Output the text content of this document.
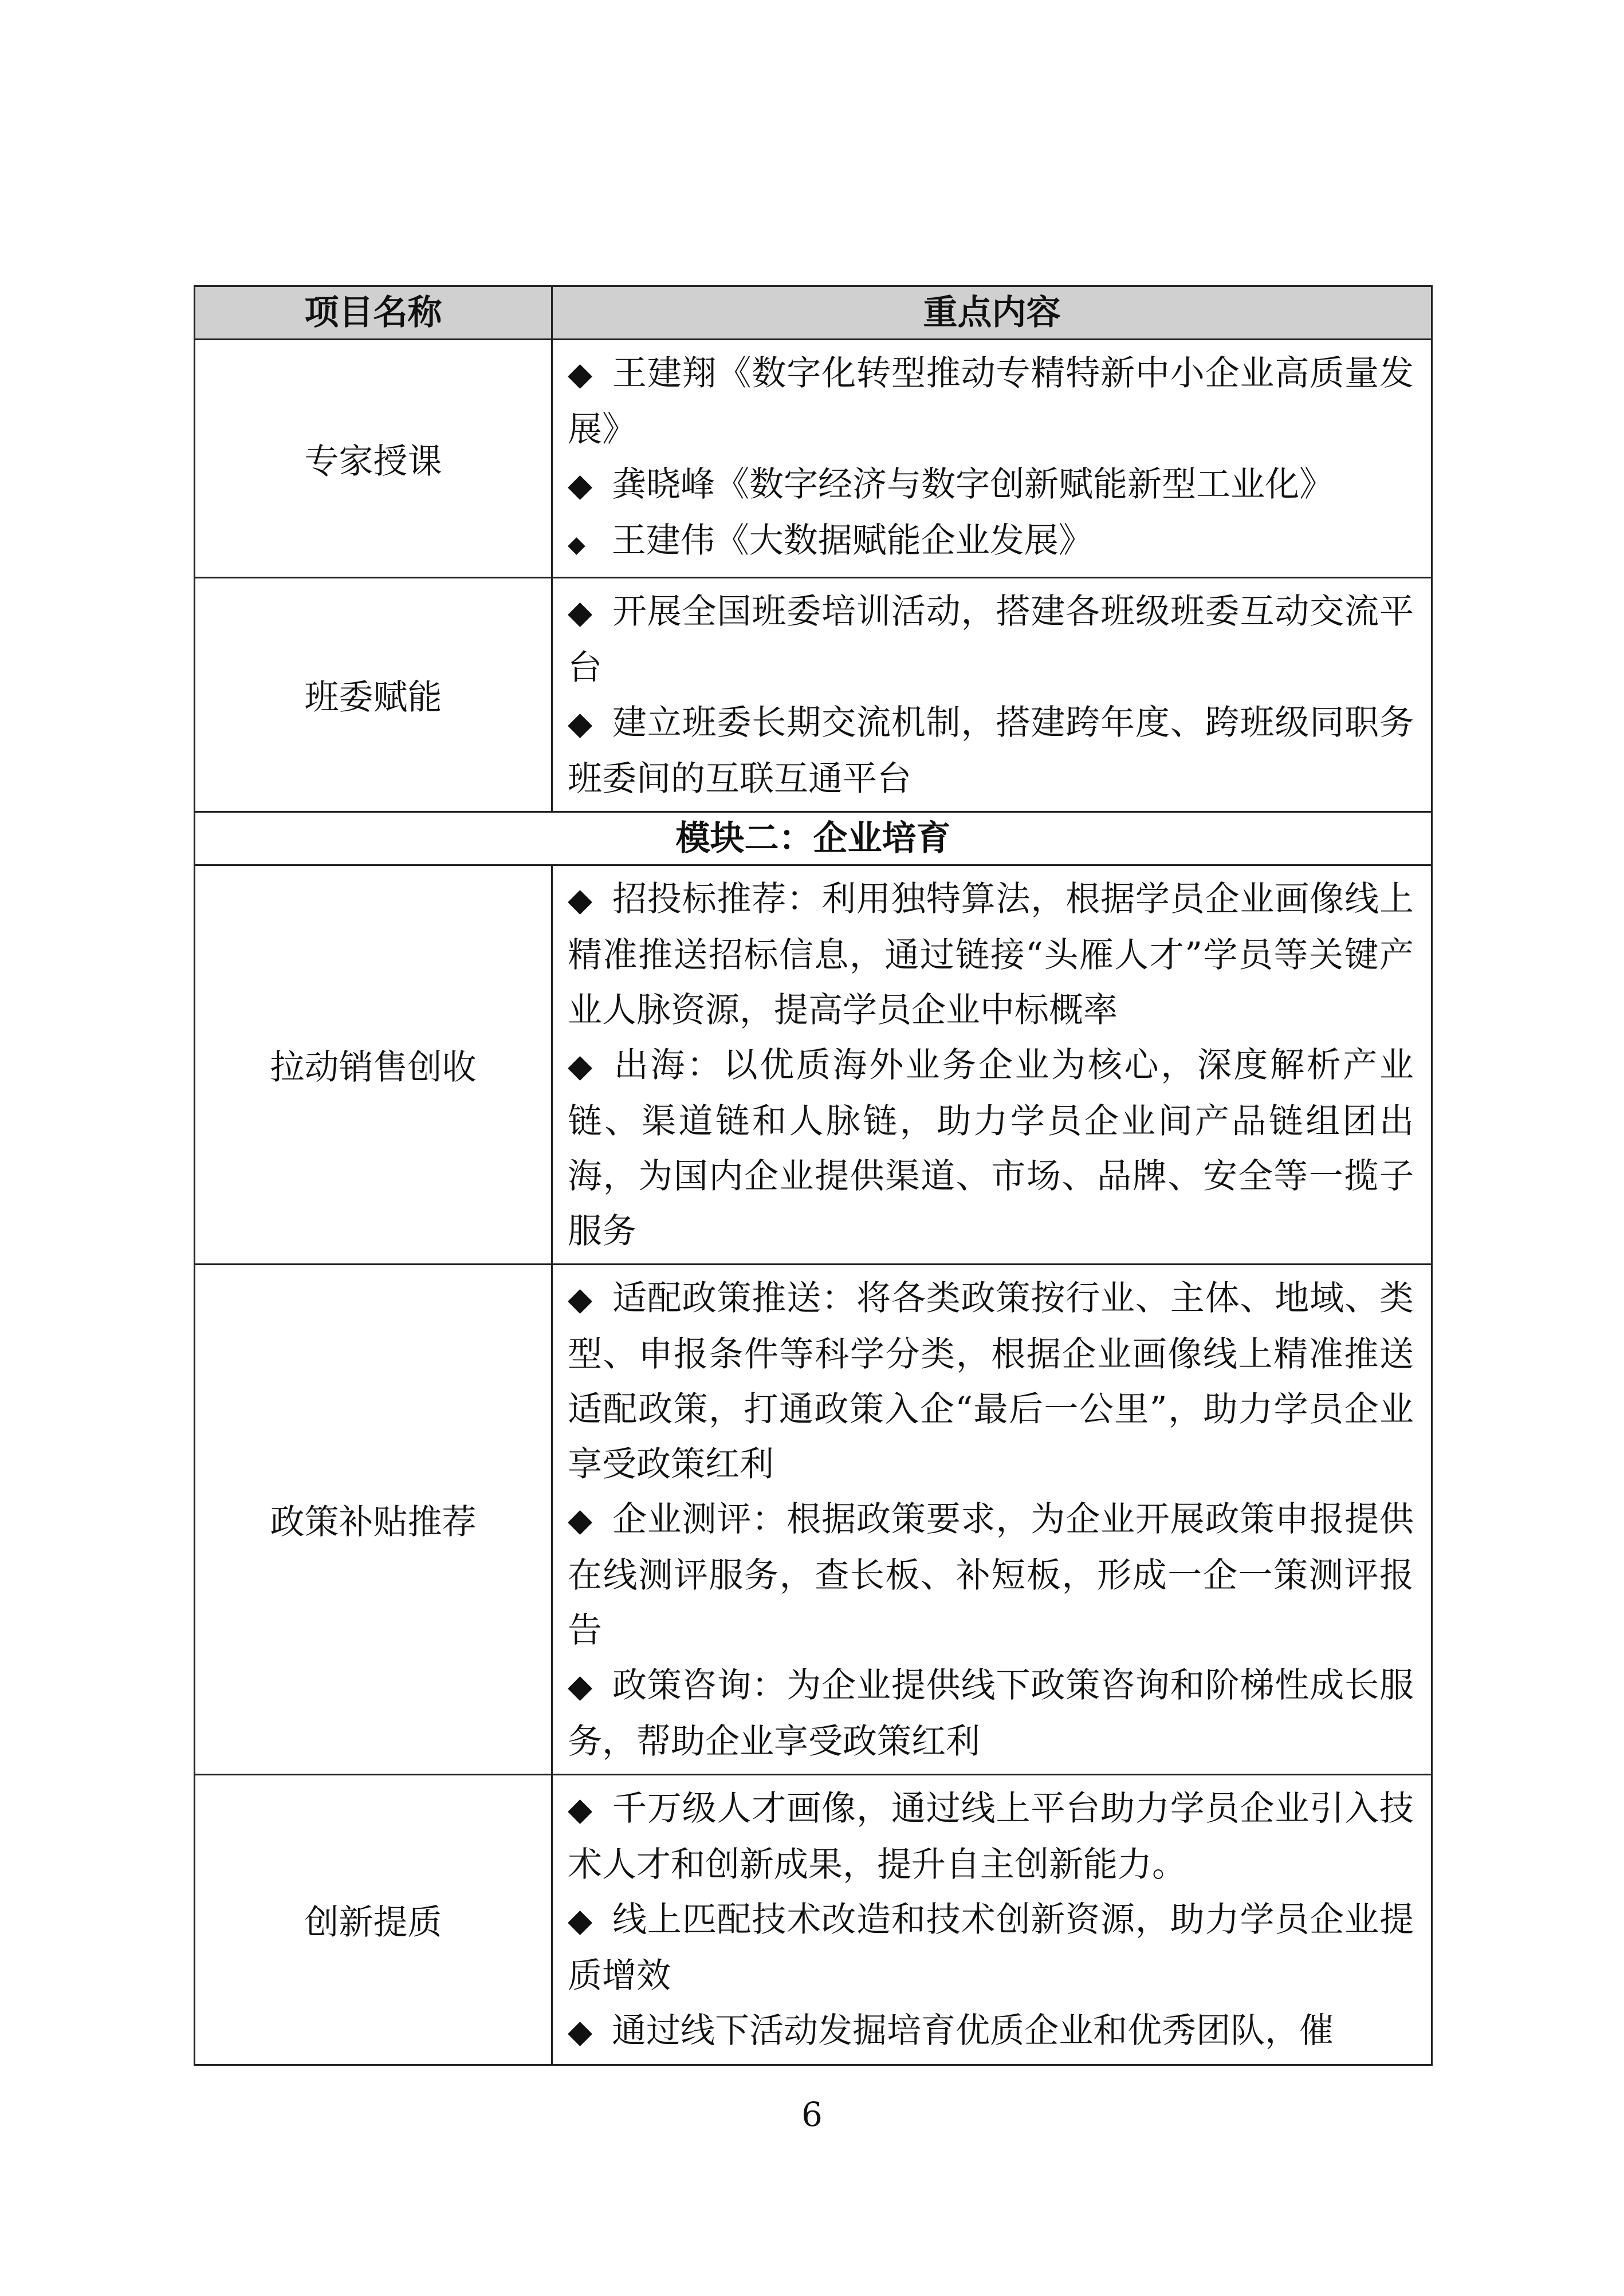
项目名称	重点内容
专家授课	◆ 王建翔《数字化转型推动专精特新中小企业高质量发展》
◆ 龚晓峰《数字经济与数字创新赋能新型工业化》
◆ 王建伟《大数据赋能企业发展》

班委赋能	◆ 开展全国班委培训活动，搭建各班级班委互动交流平台
◆ 建立班委长期交流机制，搭建跨年度、跨班级同职务班委间的互联互通平台

模块二：企业培育	
拉动销售创收	◆ 招投标推荐：利用独特算法，根据学员企业画像线上精准推送招标信息，通过链接“头雁人才”学员等关键产业人脉资源，提高学员企业中标概率
◆ 出海：以优质海外业务企业为核心，深度解析产业链、渠道链和人脉链，助力学员企业间产品链组团出海，为国内企业提供渠道、市场、品牌、安全等一揽子服务

政策补贴推荐	◆ 适配政策推送：将各类政策按行业、主体、地域、类型、申报条件等科学分类，根据企业画像线上精准推送适配政策，打通政策入企“最后一公里”，助力学员企业享受政策红利
◆ 企业测评：根据政策要求，为企业开展政策申报提供在线测评服务，查长板、补短板，形成一企一策测评报告
◆ 政策咨询：为企业提供线下政策咨询和阶梯性成长服务，帮助企业享受政策红利

创新提质	◆ 千万级人才画像，通过线上平台助力学员企业引入技术人才和创新成果，提升自主创新能力。
◆ 线上匹配技术改造和技术创新资源，助力学员企业提质增效
◆ 通过线下活动发掘培育优质企业和优秀团队，催
6
